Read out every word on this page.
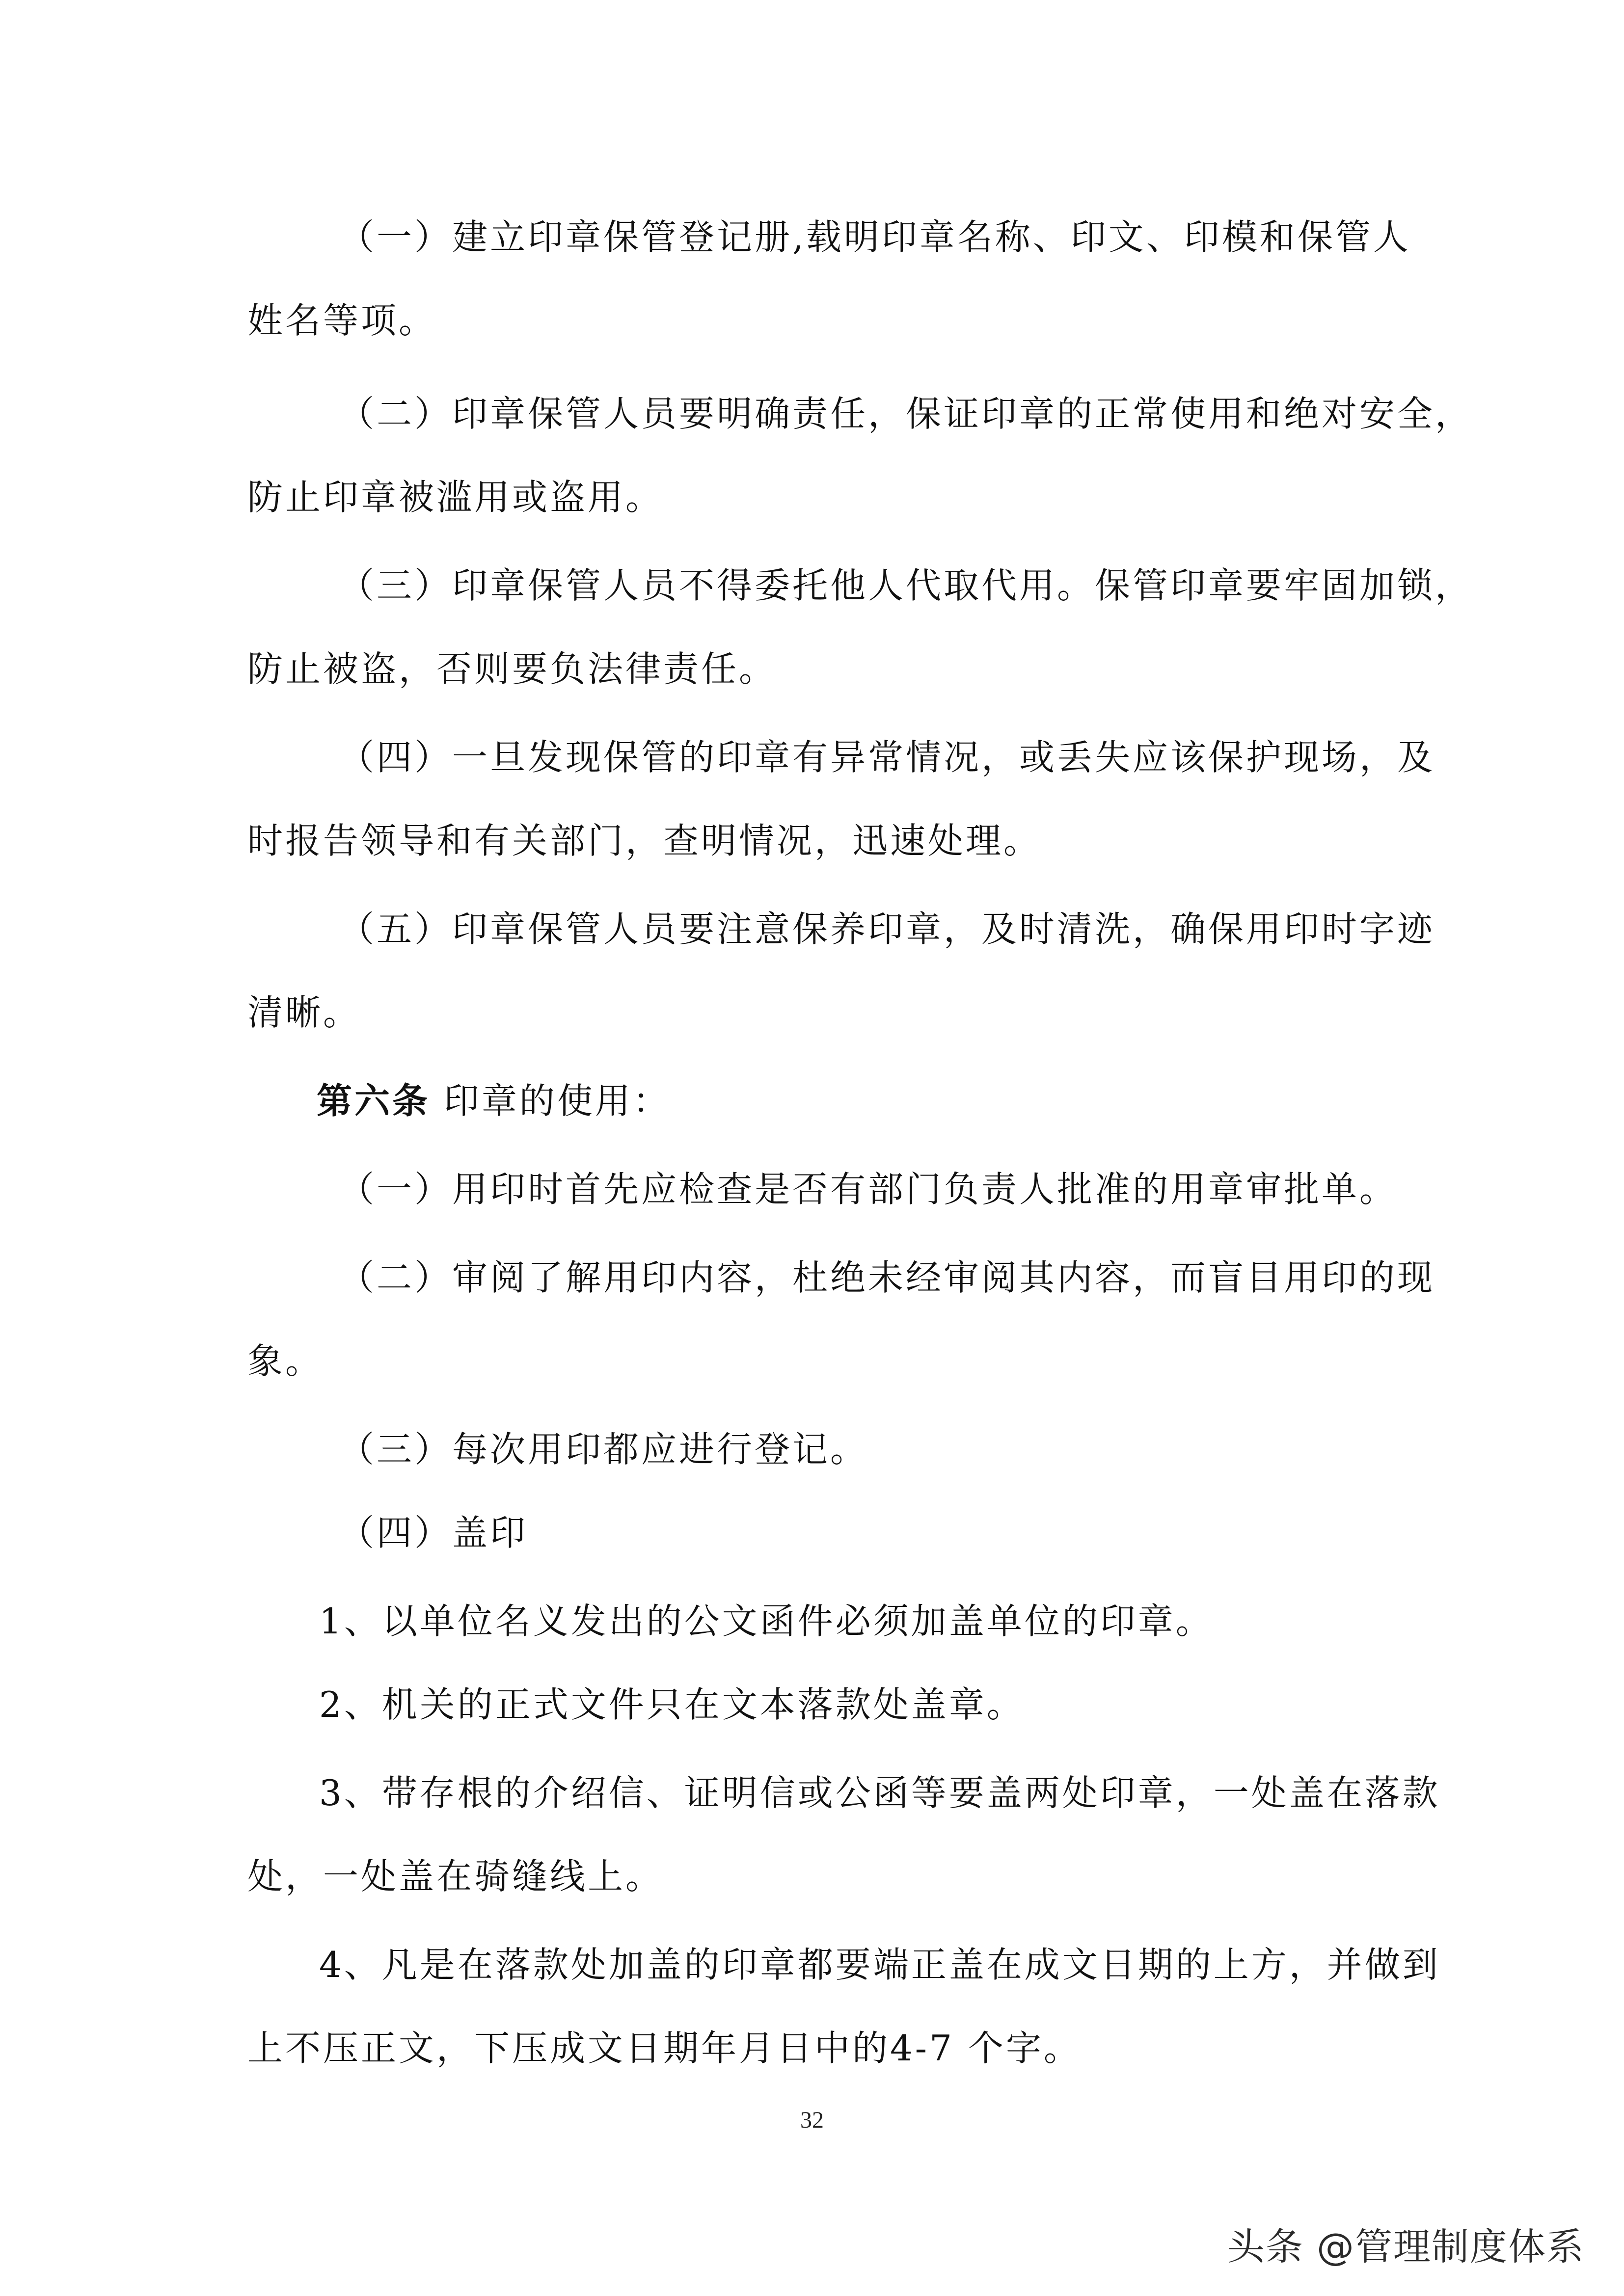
（一）建立印章保管登记册,载明印章名称、印文、印模和保管人
姓名等项。
（二）印章保管人员要明确责任，保证印章的正常使用和绝对安全，
防止印章被滥用或盗用。
（三）印章保管人员不得委托他人代取代用。保管印章要牢固加锁，
防止被盗，否则要负法律责任。
（四）一旦发现保管的印章有异常情况，或丢失应该保护现场，及
时报告领导和有关部门，查明情况，迅速处理。
（五）印章保管人员要注意保养印章，及时清洗，确保用印时字迹
清晰。
第六条 印章的使用：
（一）用印时首先应检查是否有部门负责人批准的用章审批单。
（二）审阅了解用印内容，杜绝未经审阅其内容，而盲目用印的现
象。
（三）每次用印都应进行登记。
（四）盖印
1、以单位名义发出的公文函件必须加盖单位的印章。
2、机关的正式文件只在文本落款处盖章。
3、带存根的介绍信、证明信或公函等要盖两处印章，一处盖在落款
处，一处盖在骑缝线上。
4、凡是在落款处加盖的印章都要端正盖在成文日期的上方，并做到
上不压正文，下压成文日期年月日中的4-7 个字。
32
头条 @管理制度体系
